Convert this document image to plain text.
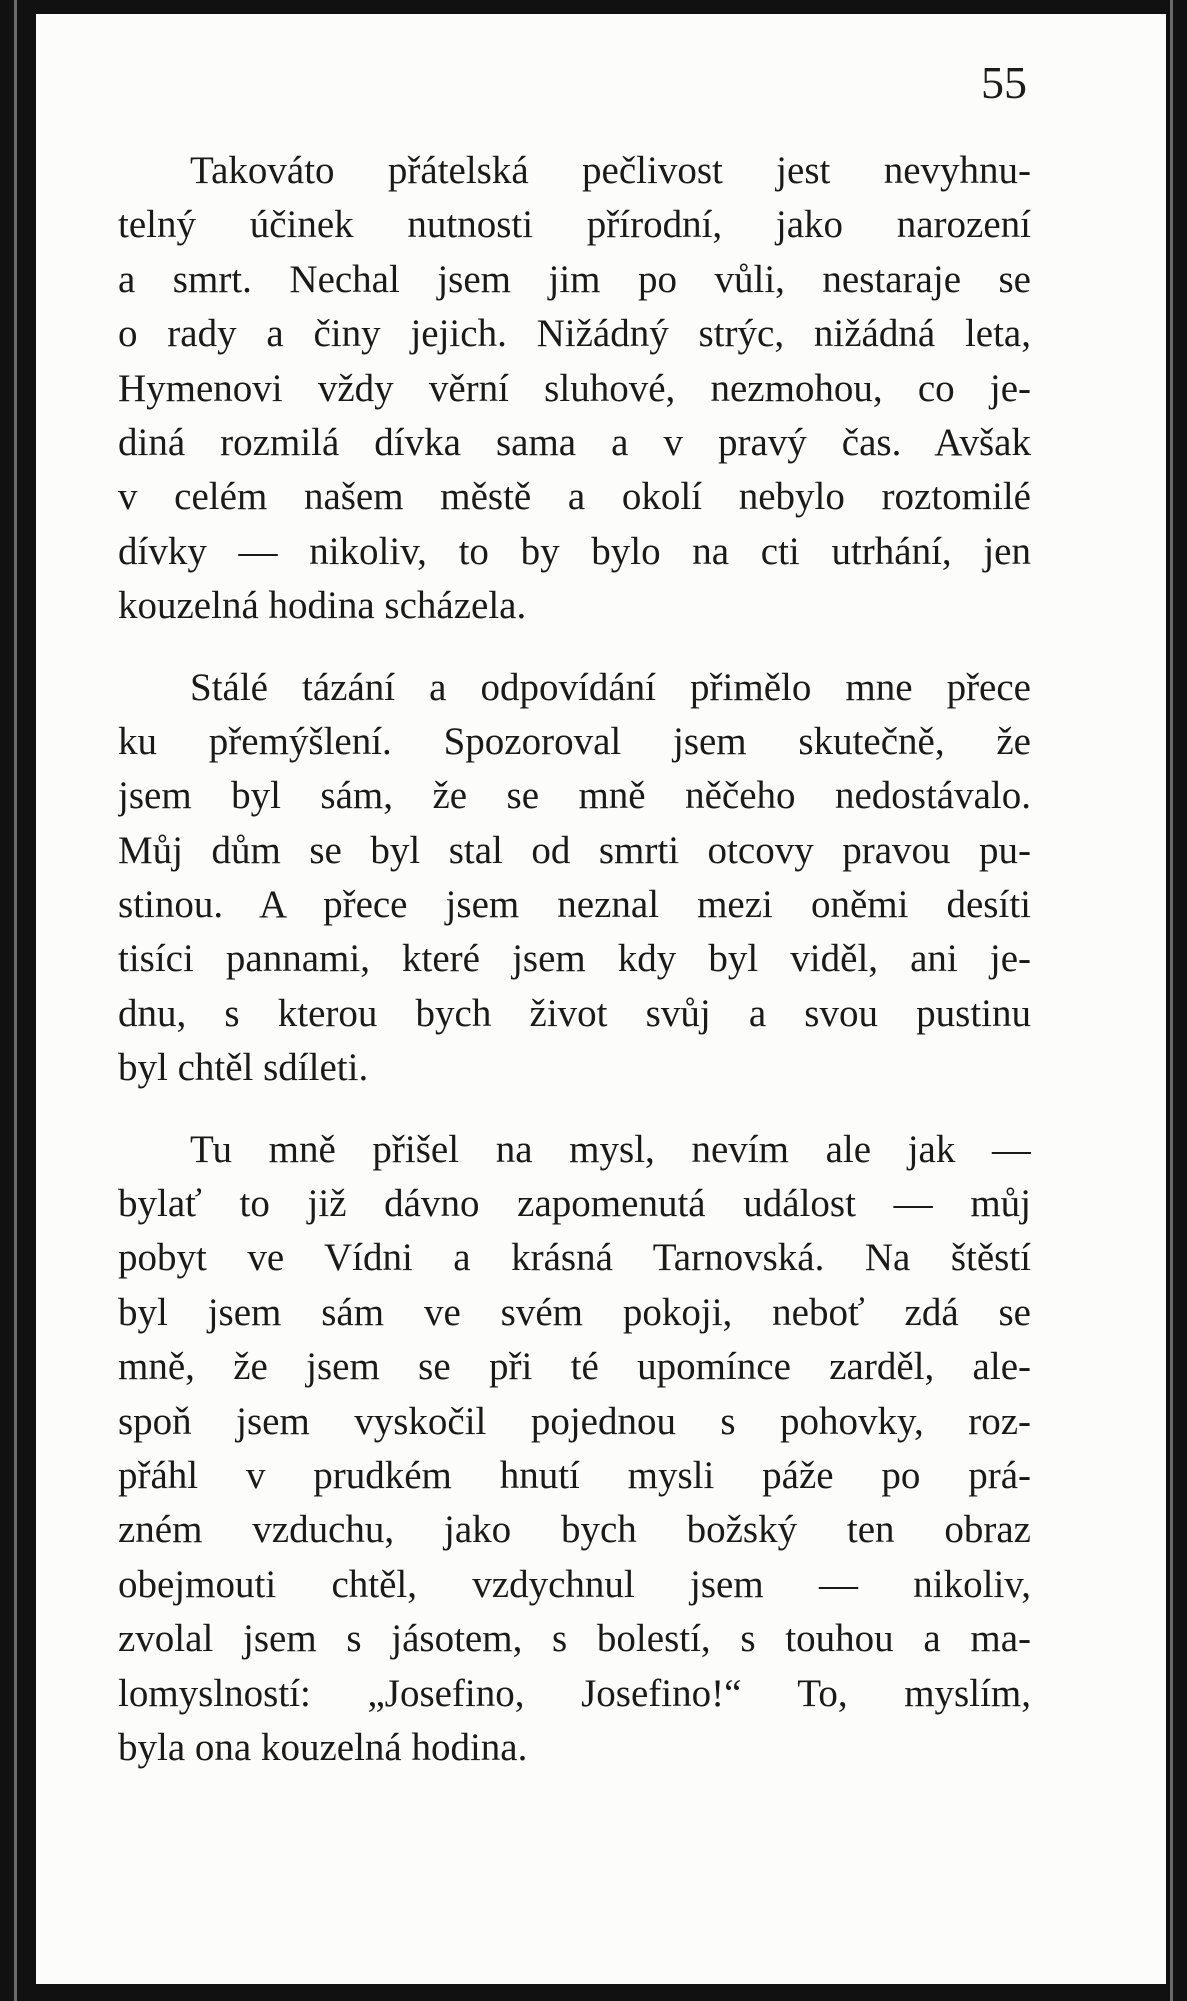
55

Takováto přátelská pečlivost jest nevyhnu-
telný účinek nutnosti přírodní, jako narození
a smrt. Nechal jsem jim po vůli, nestaraje se
o rady a činy jejich. Nižádný strýc, nižádná leta,
Hymenovi vždy věrní sluhové, nezmohou, co je-
diná rozmilá dívka sama a v pravý čas. Avšak
v celém našem městě a okolí nebylo roztomilé
dívky — nikoliv, to by bylo na cti utrhání, jen
kouzelná hodina scházela.

Stálé tázání a odpovídání přimělo mne přece
ku přemýšlení. Spozoroval jsem skutečně, že
jsem byl sám, že se mně něčeho nedostávalo.
Můj dům se byl stal od smrti otcovy pravou pu-
stinou. A přece jsem neznal mezi oněmi desíti
tisíci pannami, které jsem kdy byl viděl, ani je-
dnu, s kterou bych život svůj a svou pustinu
byl chtěl sdíleti.

Tu mně přišel na mysl, nevím ale jak —
bylať to již dávno zapomenutá událost — můj
pobyt ve Vídni a krásná Tarnovská. Na štěstí
byl jsem sám ve svém pokoji, neboť zdá se
mně, že jsem se při té upomínce zarděl, ale-
spoň jsem vyskočil pojednou s pohovky, roz-
přáhl v prudkém hnutí mysli páže po prá-
zném vzduchu, jako bych božský ten obraz
obejmouti chtěl, vzdychnul jsem — nikoliv,
zvolal jsem s jásotem, s bolestí, s touhou a ma-
lomyslností: „Josefino, Josefino!“ To, myslím,
byla ona kouzelná hodina.
